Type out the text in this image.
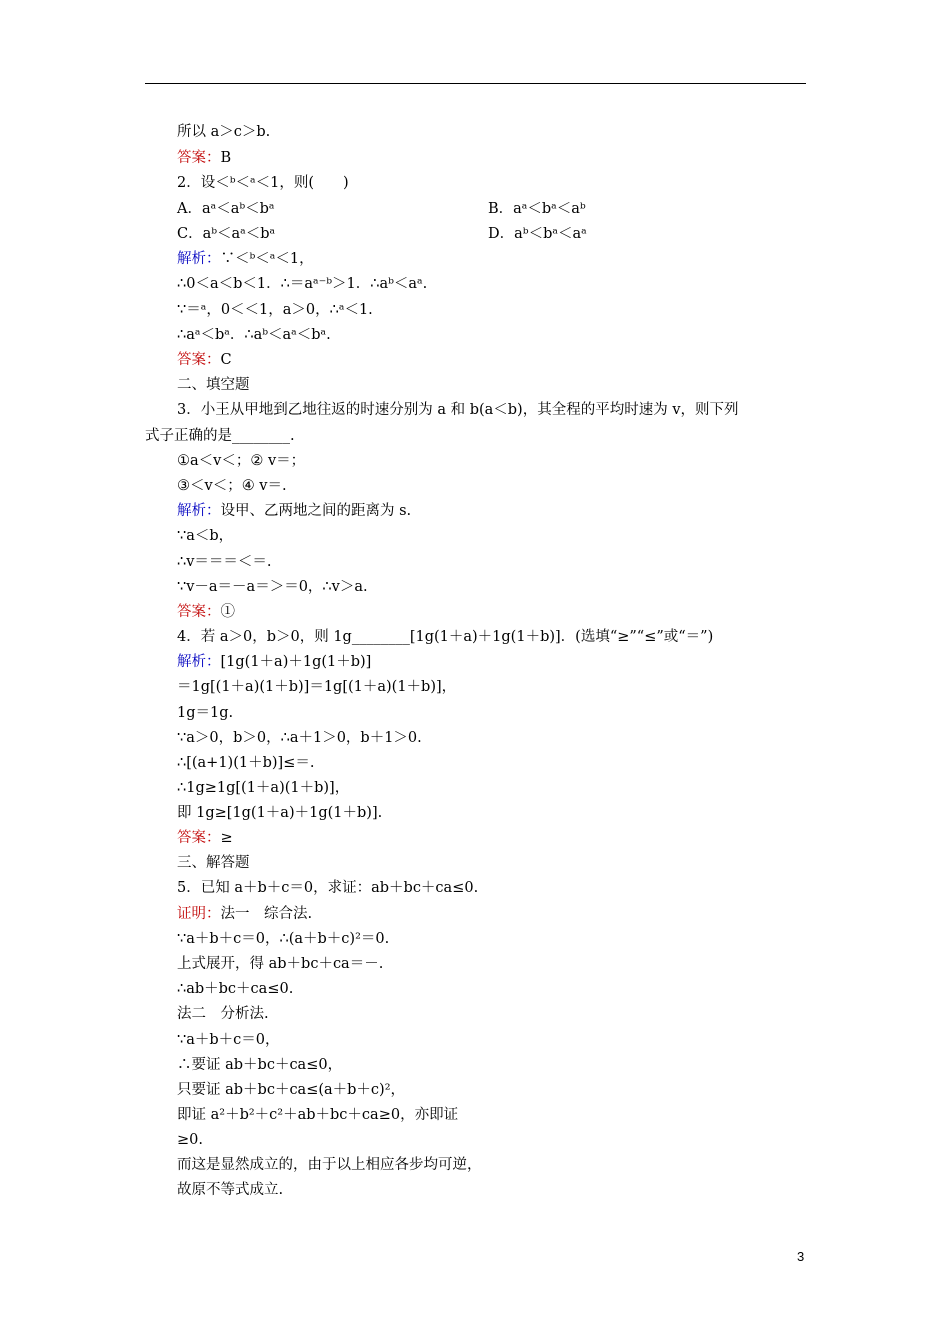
所以 a＞c＞b.
答案：B
2．设＜ᵇ＜ᵃ＜1，则(　　)
A．aᵃ＜aᵇ＜bᵃ	B．aᵃ＜bᵃ＜aᵇ
C．aᵇ＜aᵃ＜bᵃ	D．aᵇ＜bᵃ＜aᵃ
解析：∵＜ᵇ＜ᵃ＜1，
∴0＜a＜b＜1．∴＝aᵃ⁻ᵇ＞1．∴aᵇ＜aᵃ.
∵＝ᵃ，0＜＜1，a＞0，∴ᵃ＜1.
∴aᵃ＜bᵃ．∴aᵇ＜aᵃ＜bᵃ.
答案：C
二、填空题
3．小王从甲地到乙地往返的时速分别为 a 和 b(a＜b)，其全程的平均时速为 v，则下列
式子正确的是________.
①a＜v＜；② v＝；
③＜v＜；④ v＝.
解析：设甲、乙两地之间的距离为 s.
∵a＜b，
∴v＝＝＝＜＝.
∵v－a＝－a＝＞＝0，∴v＞a.
答案：①
4．若 a＞0，b＞0，则 1g________[1g(1＋a)＋1g(1＋b)]．(选填“≥”“≤”或“＝”)
解析：[1g(1＋a)＋1g(1＋b)]
＝1g[(1＋a)(1＋b)]＝1g[(1＋a)(1＋b)]，
1g＝1g.
∵a＞0，b＞0，∴a＋1＞0，b＋1＞0.
∴[(a+1)(1＋b)]≤＝.
∴1g≥1g[(1＋a)(1＋b)]，
即 1g≥[1g(1＋a)＋1g(1＋b)].
答案：≥
三、解答题
5．已知 a＋b＋c＝0，求证：ab＋bc＋ca≤0.
证明：法一　综合法.
∵a＋b＋c＝0，∴(a＋b＋c)²＝0.
上式展开，得 ab＋bc＋ca＝－.
∴ab＋bc＋ca≤0.
法二　分析法.
∵a＋b＋c＝0，
∴要证 ab＋bc＋ca≤0，
只要证 ab＋bc＋ca≤(a＋b＋c)²，
即证 a²＋b²＋c²＋ab＋bc＋ca≥0，亦即证
≥0.
而这是显然成立的，由于以上相应各步均可逆，
故原不等式成立.
3
